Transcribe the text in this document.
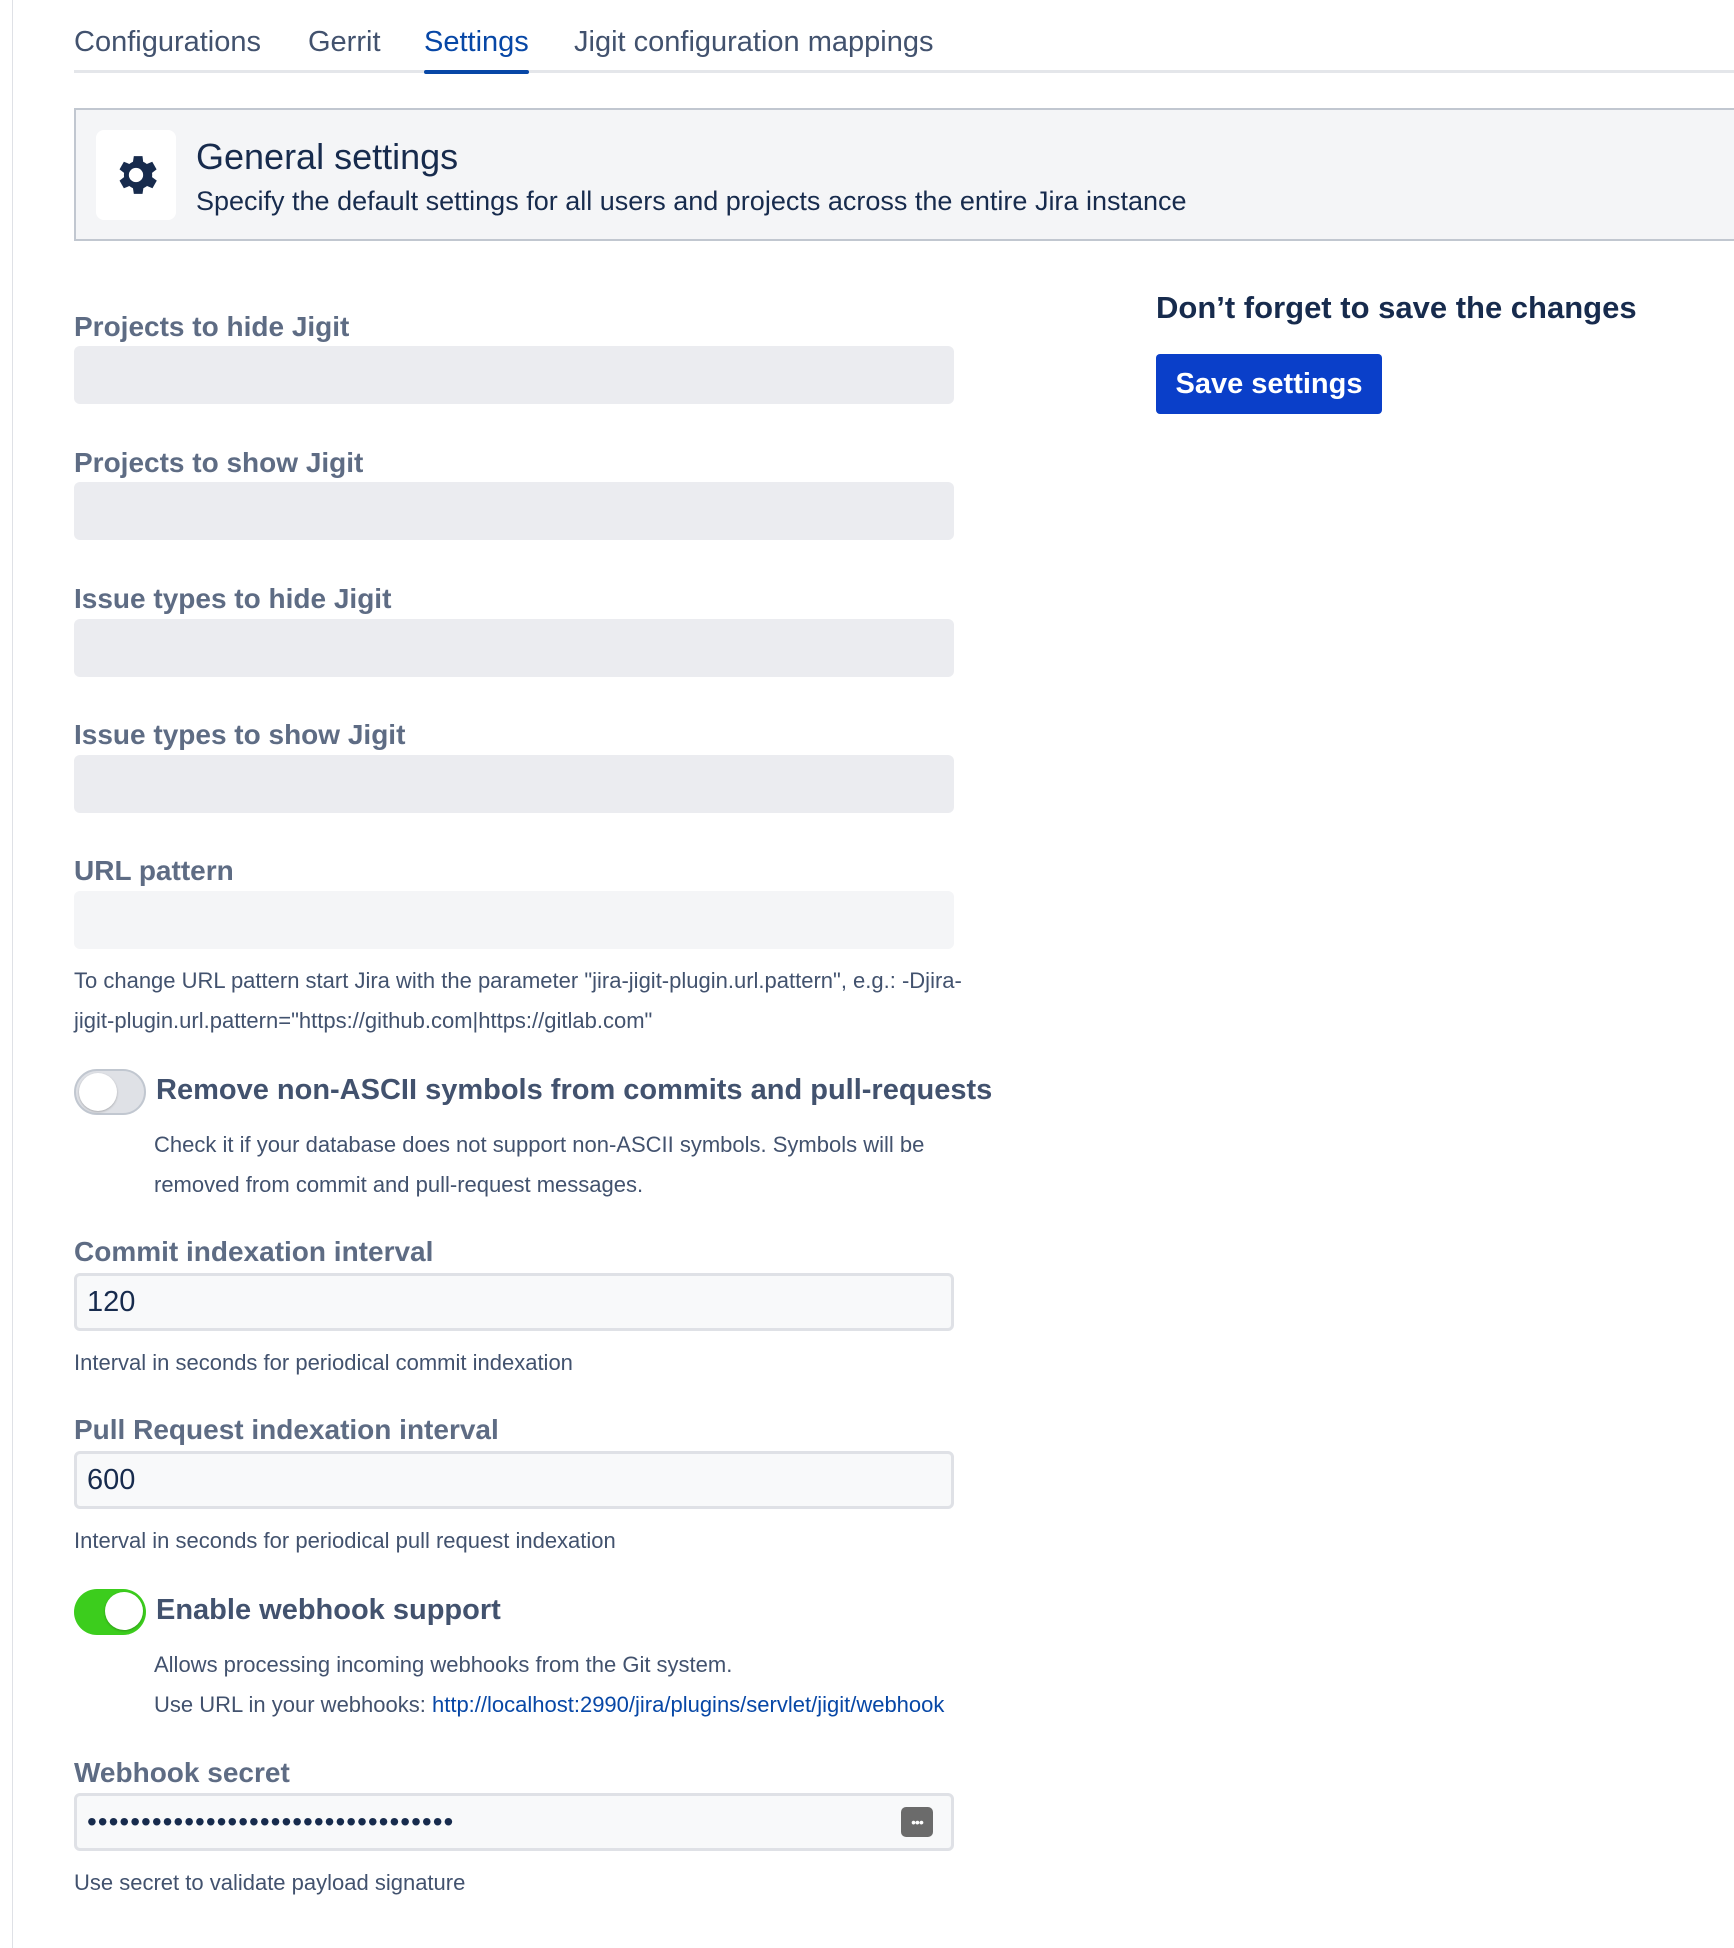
Configurations Gerrit Settings Jigit configuration mappings
General settings
Specify the default settings for all users and projects across the entire Jira instance
Don’t forget to save the changes
Save settings
Projects to hide Jigit
Projects to show Jigit
Issue types to hide Jigit
Issue types to show Jigit
URL pattern
To change URL pattern start Jira with the parameter "jira-jigit-plugin.url.pattern", e.g.: -Djira-
jigit-plugin.url.pattern="https://github.com|https://gitlab.com"
Remove non-ASCII symbols from commits and pull-requests
Check it if your database does not support non-ASCII symbols. Symbols will be
removed from commit and pull-request messages.
Commit indexation interval
120
Interval in seconds for periodical commit indexation
Pull Request indexation interval
600
Interval in seconds for periodical pull request indexation
Enable webhook support
Allows processing incoming webhooks from the Git system.
Use URL in your webhooks: http://localhost:2990/jira/plugins/servlet/jigit/webhook
Webhook secret
••••••••••••••••••••••••••••••••••	•••
Use secret to validate payload signature
